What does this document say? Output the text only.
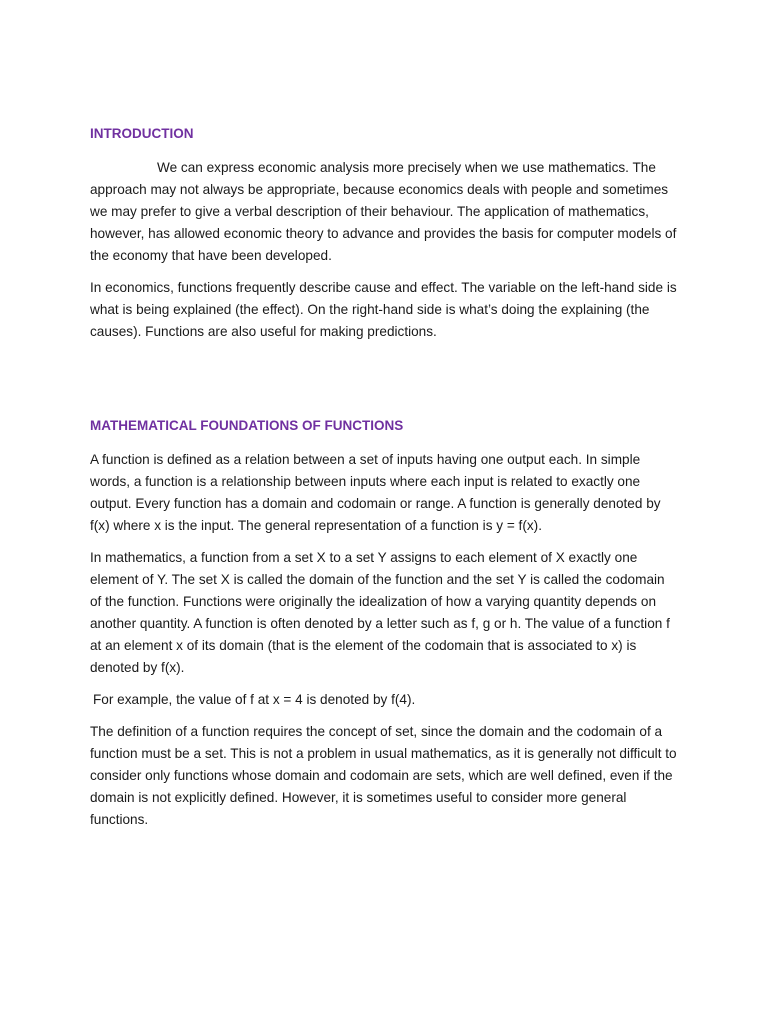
INTRODUCTION

We can express economic analysis more precisely when we use mathematics. The approach may not always be appropriate, because economics deals with people and sometimes we may prefer to give a verbal description of their behaviour. The application of mathematics, however, has allowed economic theory to advance and provides the basis for computer models of the economy that have been developed.

In economics, functions frequently describe cause and effect. The variable on the left-hand side is what is being explained (the effect). On the right-hand side is what’s doing the explaining (the causes). Functions are also useful for making predictions.

MATHEMATICAL FOUNDATIONS OF FUNCTIONS

A function is defined as a relation between a set of inputs having one output each. In simple words, a function is a relationship between inputs where each input is related to exactly one output. Every function has a domain and codomain or range. A function is generally denoted by f(x) where x is the input. The general representation of a function is y = f(x).

In mathematics, a function from a set X to a set Y assigns to each element of X exactly one element of Y. The set X is called the domain of the function and the set Y is called the codomain of the function. Functions were originally the idealization of how a varying quantity depends on another quantity. A function is often denoted by a letter such as f, g or h. The value of a function f at an element x of its domain (that is the element of the codomain that is associated to x) is denoted by f(x).

For example, the value of f at x = 4 is denoted by f(4).

The definition of a function requires the concept of set, since the domain and the codomain of a function must be a set. This is not a problem in usual mathematics, as it is generally not difficult to consider only functions whose domain and codomain are sets, which are well defined, even if the domain is not explicitly defined. However, it is sometimes useful to consider more general functions.
